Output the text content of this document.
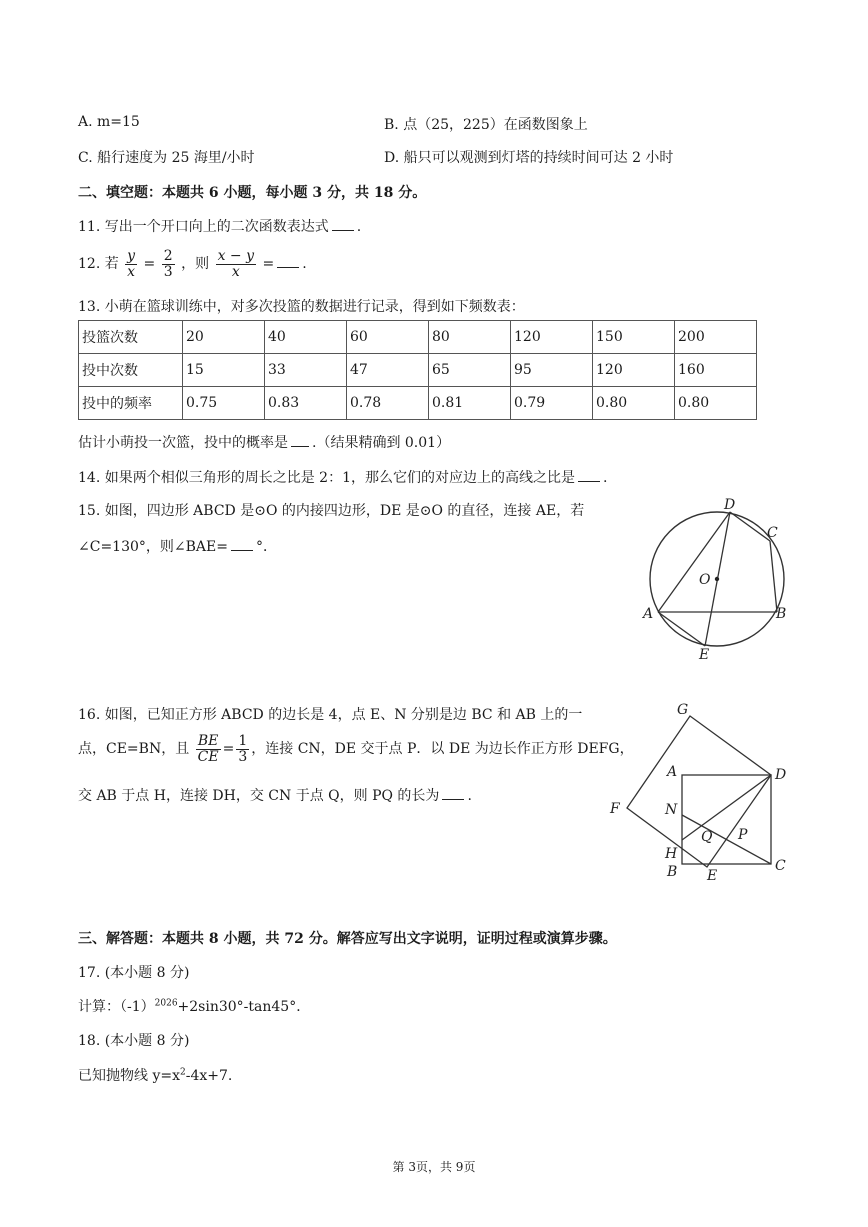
A. m=15	B. 点（25，225）在函数图象上
C. 船行速度为 25 海里/小时	D. 船只可以观测到灯塔的持续时间可达 2 小时
二、填空题：本题共 6 小题，每小题 3 分，共 18 分。
11. 写出一个开口向上的二次函数表达式 .
12. 若 $\frac{y}{x} = \frac{2}{3}$ ，则 $\frac{x - y}{x}$ = .
13. 小萌在篮球训练中，对多次投篮的数据进行记录，得到如下频数表：
投篮次数	20	40	60	80	120	150	200
投中次数	15	33	47	65	95	120	160
投中的频率	0.75	0.83	0.78	0.81	0.79	0.80	0.80
估计小萌投一次篮，投中的概率是 .（结果精确到 0.01）
14. 如果两个相似三角形的周长之比是 2：1，那么它们的对应边上的高线之比是 .
15. 如图，四边形 ABCD 是⊙O 的内接四边形，DE 是⊙O 的直径，连接 AE，若
∠C=130°，则∠BAE= °．
D
C
O
A	B
E
16. 如图，已知正方形 ABCD 的边长是 4，点 E、N 分别是边 BC 和 AB 上的一
点，CE=BN，且 $\frac{BE}{CE} = \frac{1}{3}$ ，连接 CN，DE 交于点 P．以 DE 为边长作正方形 DEFG，
交 AB 于点 H，连接 DH，交 CN 于点 Q，则 PQ 的长为 .
G
A	D
F	N
Q P
H
B E
C
三、解答题：本题共 8 小题，共 72 分。解答应写出文字说明，证明过程或演算步骤。
17. (本小题 8 分)
计算：$(-1)^{2026}+2\sin 30^\circ-\tan 45^\circ$．
18. (本小题 8 分)
已知抛物线 $y=x^2-4x+7$.
第 3页，共 9页
